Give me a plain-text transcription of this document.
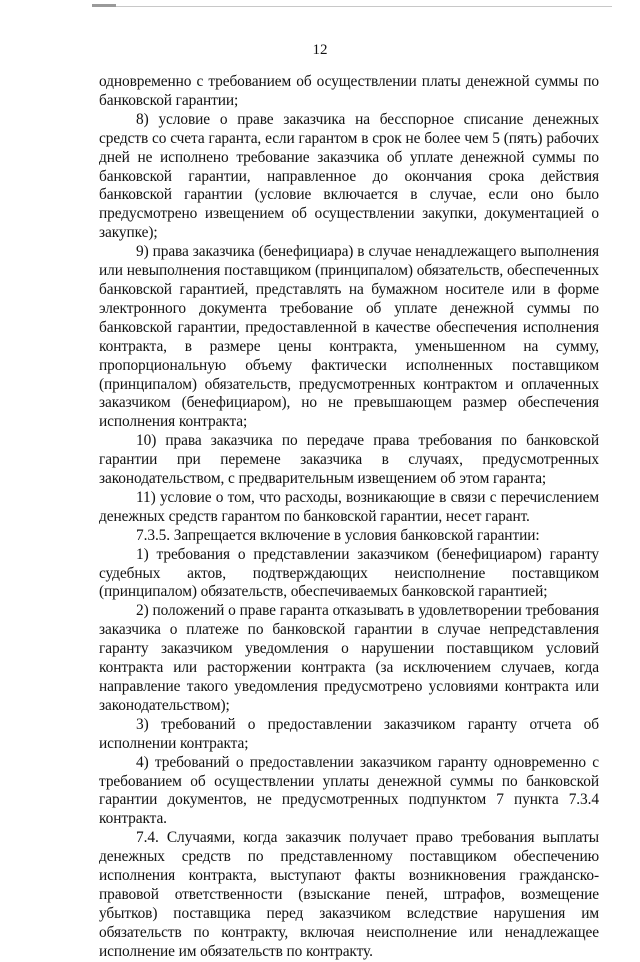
12

одновременно с требованием об осуществлении платы денежной суммы по банковской гарантии;

8) условие о праве заказчика на бесспорное списание денежных средств со счета гаранта, если гарантом в срок не более чем 5 (пять) рабочих дней не исполнено требование заказчика об уплате денежной суммы по банковской гарантии, направленное до окончания срока действия банковской гарантии (условие включается в случае, если оно было предусмотрено извещением об осуществлении закупки, документацией о закупке);

9) права заказчика (бенефициара) в случае ненадлежащего выполнения или невыполнения поставщиком (принципалом) обязательств, обеспеченных банковской гарантией, представлять на бумажном носителе или в форме электронного документа требование об уплате денежной суммы по банковской гарантии, предоставленной в качестве обеспечения исполнения контракта, в размере цены контракта, уменьшенном на сумму, пропорциональную объему фактически исполненных поставщиком (принципалом) обязательств, предусмотренных контрактом и оплаченных заказчиком (бенефициаром), но не превышающем размер обеспечения исполнения контракта;

10) права заказчика по передаче права требования по банковской гарантии при перемене заказчика в случаях, предусмотренных законодательством, с предварительным извещением об этом гаранта;

11) условие о том, что расходы, возникающие в связи с перечислением денежных средств гарантом по банковской гарантии, несет гарант.

7.3.5. Запрещается включение в условия банковской гарантии:

1) требования о представлении заказчиком (бенефициаром) гаранту судебных актов, подтверждающих неисполнение поставщиком (принципалом) обязательств, обеспечиваемых банковской гарантией;

2) положений о праве гаранта отказывать в удовлетворении требования заказчика о платеже по банковской гарантии в случае непредставления гаранту заказчиком уведомления о нарушении поставщиком условий контракта или расторжении контракта (за исключением случаев, когда направление такого уведомления предусмотрено условиями контракта или законодательством);

3) требований о предоставлении заказчиком гаранту отчета об исполнении контракта;

4) требований о предоставлении заказчиком гаранту одновременно с требованием об осуществлении уплаты денежной суммы по банковской гарантии документов, не предусмотренных подпунктом 7 пункта 7.3.4 контракта.

7.4. Случаями, когда заказчик получает право требования выплаты денежных средств по представленному поставщиком обеспечению исполнения контракта, выступают факты возникновения гражданско-правовой ответственности (взыскание пеней, штрафов, возмещение убытков) поставщика перед заказчиком вследствие нарушения им обязательств по контракту, включая неисполнение или ненадлежащее исполнение им обязательств по контракту.
